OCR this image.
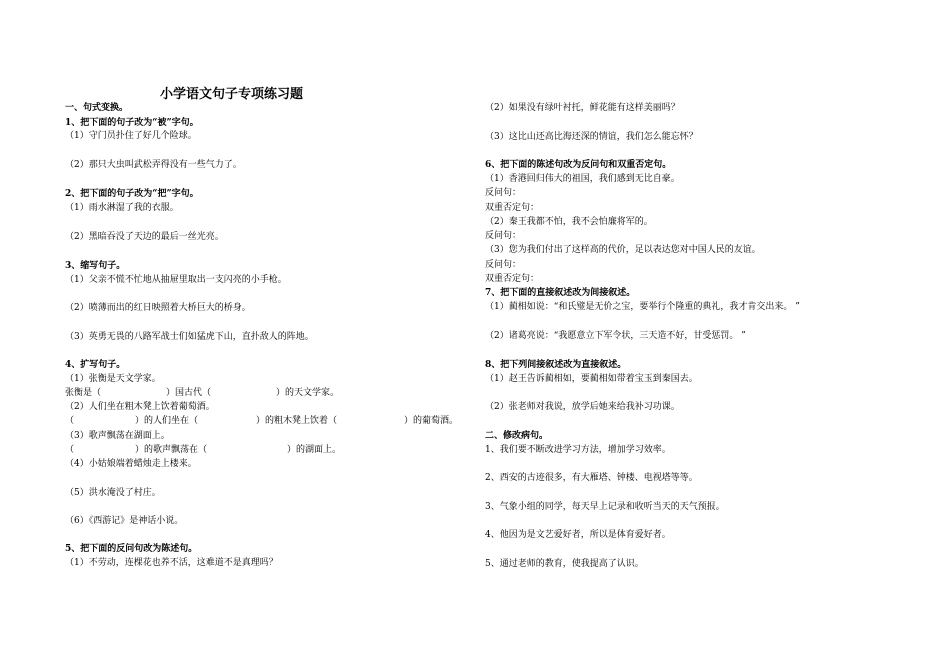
小学语文句子专项练习题
一、句式变换。
1、把下面的句子改为“被”字句。
（1）守门员扑住了好几个险球。
（2）那只大虫叫武松弄得没有一些气力了。
2、把下面的句子改为“把”字句。
（1）雨水淋湿了我的衣服。
（2）黑暗吞没了天边的最后一丝光亮。
3、缩写句子。
（1）父亲不慌不忙地从抽屉里取出一支闪亮的小手枪。
（2）喷薄而出的红日映照着大桥巨大的桥身。
（3）英勇无畏的八路军战士们如猛虎下山，直扑敌人的阵地。
4、扩写句子。
（1）张衡是天文学家。
张衡是（	）国古代（	）的天文学家。
（2）人们坐在粗木凳上饮着葡萄酒。
（	）的人们坐在（	）的粗木凳上饮着（	）的葡萄酒。
（3）歌声飘荡在湖面上。
（	）的歌声飘荡在（	）的湖面上。
（4）小姑娘端着蜡烛走上楼来。
（5）洪水淹没了村庄。
（6）《西游记》是神话小说。
5、把下面的反问句改为陈述句。
（1）不劳动，连棵花也养不活，这难道不是真理吗？
（2）如果没有绿叶衬托，鲜花能有这样美丽吗？
（3）这比山还高比海还深的情谊，我们怎么能忘怀？
6、把下面的陈述句改为反问句和双重否定句。
（1）香港回归伟大的祖国，我们感到无比自豪。
反问句：
双重否定句：
（2）秦王我都不怕，我不会怕廉将军的。
反问句：
（3）您为我们付出了这样高的代价，足以表达您对中国人民的友谊。
反问句：
双重否定句：
7、把下面的直接叙述改为间接叙述。
（1）蔺相如说：“和氏璧是无价之宝，要举行个隆重的典礼，我才肯交出来。 ”
（2）诸葛亮说：“我愿意立下军令状，三天造不好，甘受惩罚。 ”
8、把下列间接叙述改为直接叙述。
（1）赵王告诉蔺相如，要蔺相如带着宝玉到秦国去。
（2）张老师对我说，放学后她来给我补习功课。
二、修改病句。
1、我们要不断改进学习方法，增加学习效率。
2、西安的古迹很多，有大雁塔、钟楼、电视塔等等。
3、气象小组的同学，每天早上记录和收听当天的天气预报。
4、他因为是文艺爱好者，所以是体育爱好者。
5、通过老师的教育，使我提高了认识。
